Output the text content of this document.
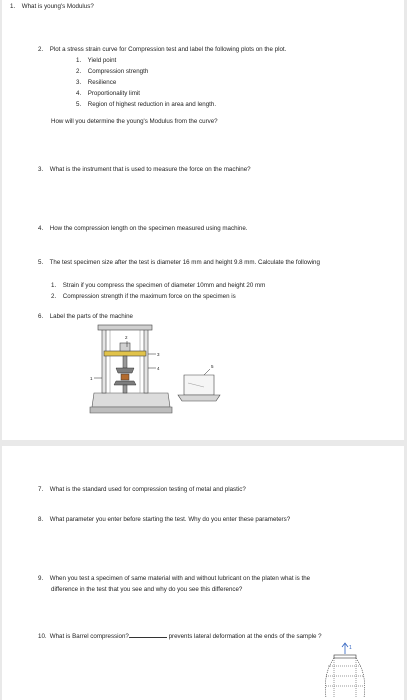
1. What is young's Modulus?
2. Plot a stress strain curve for Compression test and label the following plots on the plot.
1. Yield point
2. Compression strength
3. Resilience
4. Proportionality limit
5. Region of highest reduction in area and length.
How will you determine the young's Modulus from the curve?
3. What is the instrument that is used to measure the force on the machine?
4. How the compression length on the specimen measured using machine.
5. The test specimen size after the test is diameter 16 mm and height 9.8 mm. Calculate the following
1. Strain if you compress the specimen of diameter 10mm and height 20 mm
2. Compression strength if the maximum force on the specimen is
6. Label the parts of the machine
1
2
3
4	5
7. What is the standard used for compression testing of metal and plastic?
8. What parameter you enter before starting the test. Why do you enter these parameters?
9. When you test a specimen of same material with and without lubricant on the platen what is the
difference in the test that you see and why do you see this difference?
10. What is Barrel compression?	prevents lateral deformation at the ends of the sample ?
1
